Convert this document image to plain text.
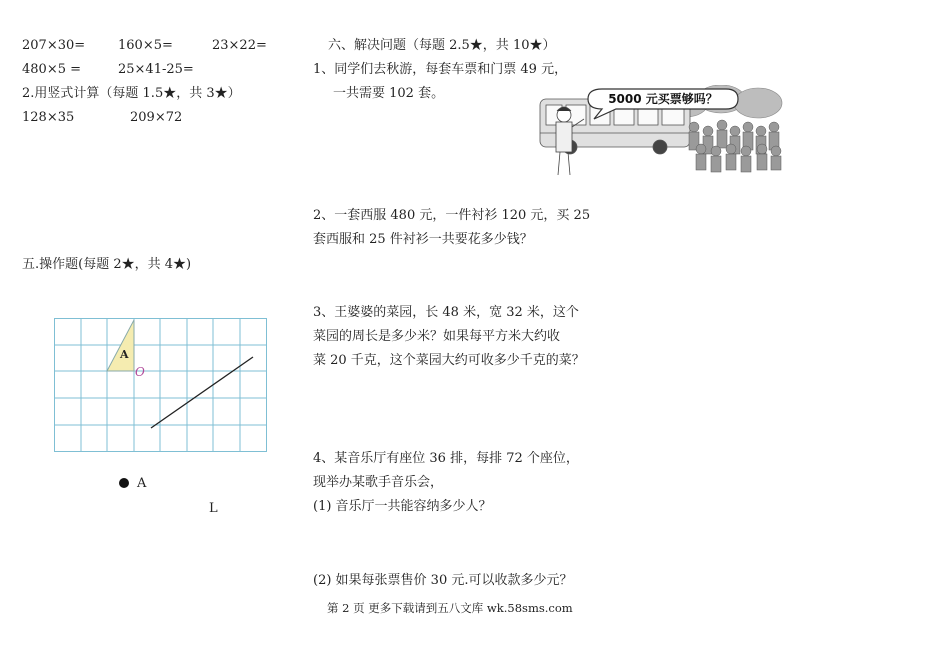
207×30=	160×5=	23×22=
480×5 =	25×41-25=
2.用竖式计算（每题 1.5★，共 3★）
128×35	209×72
五.操作题(每题 2★，共 4★)
A
O
A
L
六、解决问题（每题 2.5★，共 10★）
1、同学们去秋游，每套车票和门票 49 元，
一共需要 102 套。	5000 元买票够吗？
2、一套西服 480 元，一件衬衫 120 元，买 25
套西服和 25 件衬衫一共要花多少钱？
3、王婆婆的菜园，长 48 米，宽 32 米，这个
菜园的周长是多少米？如果每平方米大约收
菜 20 千克，这个菜园大约可收多少千克的菜？
4、某音乐厅有座位 36 排，每排 72 个座位，
现举办某歌手音乐会，
(1) 音乐厅一共能容纳多少人？
(2) 如果每张票售价 30 元.可以收款多少元？
第 2 页 更多下载请到五八文库 wk.58sms.com
